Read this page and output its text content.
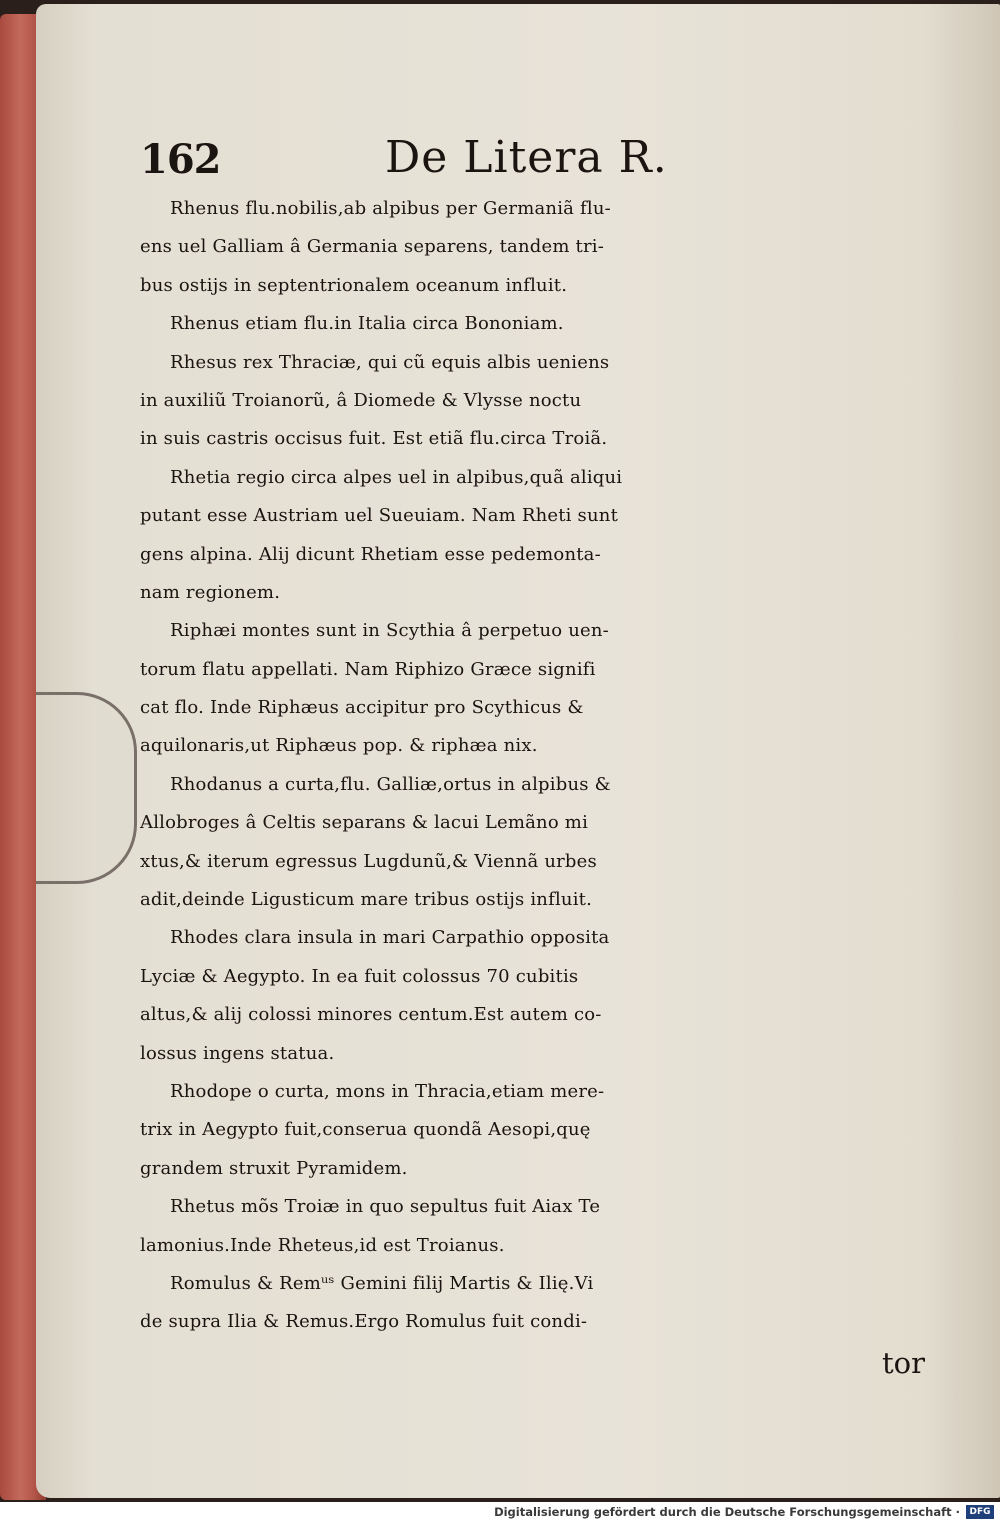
162	De Litera R.
Rhenus flu.nobilis,ab alpibus per Germaniã flu-
ens uel Galliam â Germania separens, tandem tri-
bus ostijs in septentrionalem oceanum influit.
Rhenus etiam flu.in Italia circa Bononiam.
Rhesus rex Thraciæ, qui cũ equis albis ueniens
in auxiliũ Troianorũ, â Diomede & Vlysse noctu
in suis castris occisus fuit. Est etiã flu.circa Troiã.
Rhetia regio circa alpes uel in alpibus,quã aliqui
putant esse Austriam uel Sueuiam. Nam Rheti sunt
gens alpina. Alij dicunt Rhetiam esse pedemonta-
nam regionem.
Riphæi montes sunt in Scythia â perpetuo uen-
torum flatu appellati. Nam Riphizo Græce signifi
cat flo. Inde Riphæus accipitur pro Scythicus &
aquilonaris,ut Riphæus pop. & riphæa nix.
Rhodanus a curta,flu. Galliæ,ortus in alpibus &
Allobroges â Celtis separans & lacui Lemãno mi
xtus,& iterum egressus Lugdunũ,& Viennã urbes
adit,deinde Ligusticum mare tribus ostijs influit.
Rhodes clara insula in mari Carpathio opposita
Lyciæ & Aegypto. In ea fuit colossus 70 cubitis
altus,& alij colossi minores centum.Est autem co-
lossus ingens statua.
Rhodope o curta, mons in Thracia,etiam mere-
trix in Aegypto fuit,conserua quondã Aesopi,quę
grandem struxit Pyramidem.
Rhetus mõs Troiæ in quo sepultus fuit Aiax Te
lamonius.Inde Rheteus,id est Troianus.
Romulus & Remᵘˢ Gemini filij Martis & Ilię.Vi
de supra Ilia & Remus.Ergo Romulus fuit condi-
tor
Digitalisierung gefördert durch die Deutsche Forschungsgemeinschaft ·	DFG
